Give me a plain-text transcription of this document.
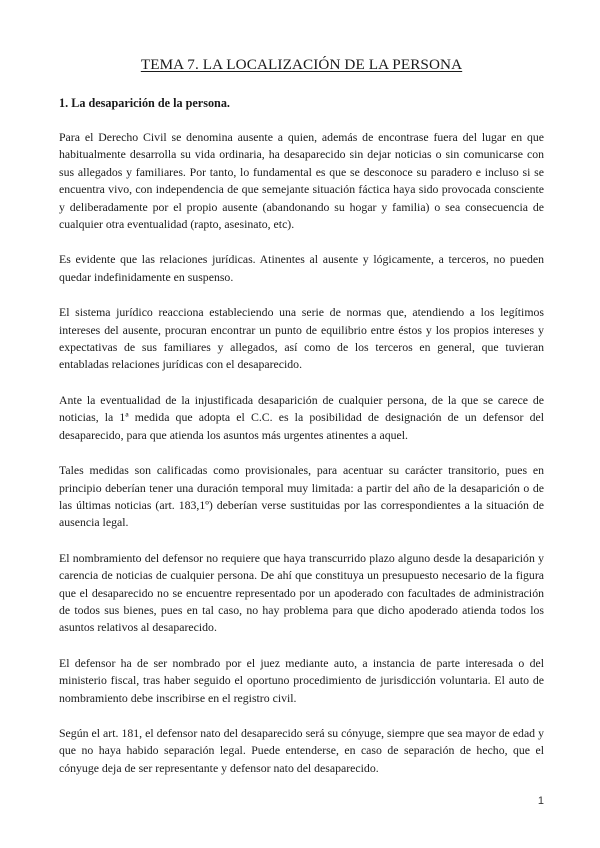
TEMA 7. LA LOCALIZACIÓN DE LA PERSONA
1. La desaparición de la persona.

Para el Derecho Civil se denomina ausente a quien, además de encontrase fuera del lugar en que habitualmente desarrolla su vida ordinaria, ha desaparecido sin dejar noticias o sin comunicarse con sus allegados y familiares. Por tanto, lo fundamental es que se desconoce su paradero e incluso si se encuentra vivo, con independencia de que semejante situación fáctica haya sido provocada consciente y deliberadamente por el propio ausente (abandonando su hogar y familia) o sea consecuencia de cualquier otra eventualidad (rapto, asesinato, etc).

Es evidente que las relaciones jurídicas. Atinentes al ausente y lógicamente, a terceros, no pueden quedar indefinidamente en suspenso.

El sistema jurídico reacciona estableciendo una serie de normas que, atendiendo a los legítimos intereses del ausente, procuran encontrar un punto de equilibrio entre éstos y los propios intereses y expectativas de sus familiares y allegados, así como de los terceros en general, que tuvieran entabladas relaciones jurídicas con el desaparecido.

Ante la eventualidad de la injustificada desaparición de cualquier persona, de la que se carece de noticias, la 1ª medida que adopta el C.C. es la posibilidad de designación de un defensor del desaparecido, para que atienda los asuntos más urgentes atinentes a aquel.

Tales medidas son calificadas como provisionales, para acentuar su carácter transitorio, pues en principio deberían tener una duración temporal muy limitada: a partir del año de la desaparición o de las últimas noticias (art. 183,1º) deberían verse sustituidas por las correspondientes a la situación de ausencia legal.

El nombramiento del defensor no requiere que haya transcurrido plazo alguno desde la desaparición y carencia de noticias de cualquier persona. De ahí que constituya un presupuesto necesario de la figura que el desaparecido no se encuentre representado por un apoderado con facultades de administración de todos sus bienes, pues en tal caso, no hay problema para que dicho apoderado atienda todos los asuntos relativos al desaparecido.

El defensor ha de ser nombrado por el juez mediante auto, a instancia de parte interesada o del ministerio fiscal, tras haber seguido el oportuno procedimiento de jurisdicción voluntaria. El auto de nombramiento debe inscribirse en el registro civil.

Según el art. 181, el defensor nato del desaparecido será su cónyuge, siempre que sea mayor de edad y que no haya habido separación legal. Puede entenderse, en caso de separación de hecho, que el cónyuge deja de ser representante y defensor nato del desaparecido.

1
